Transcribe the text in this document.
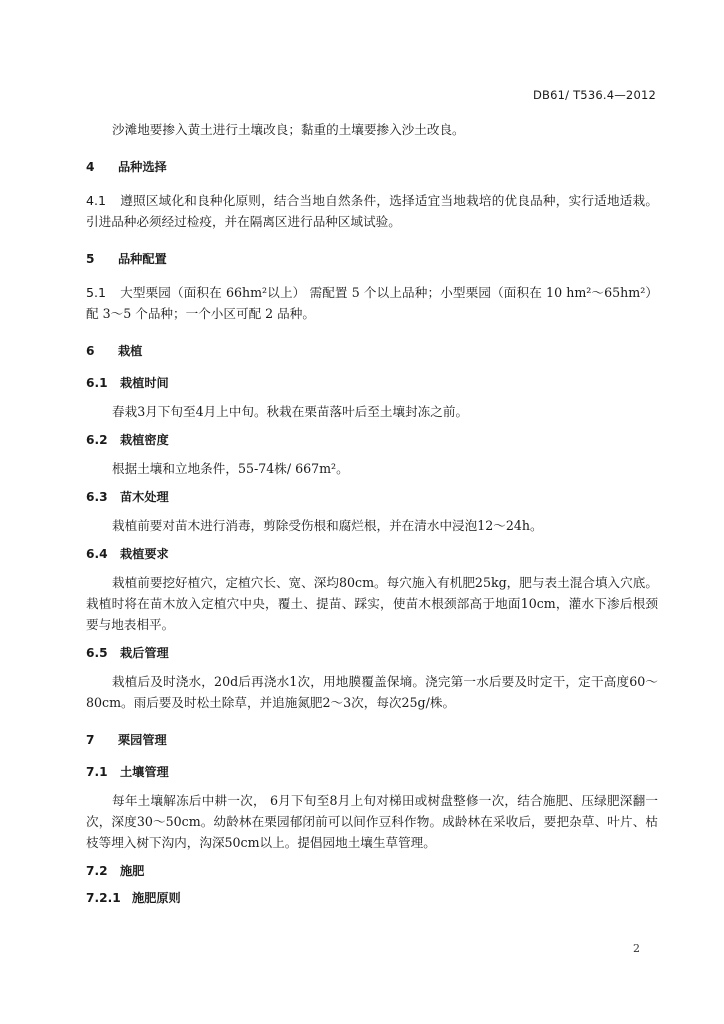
DB61/ T536.4—2012
沙滩地要掺入黄土进行土壤改良；黏重的土壤要掺入沙土改良。
4 品种选择
4.1 遵照区域化和良种化原则，结合当地自然条件，选择适宜当地栽培的优良品种，实行适地适栽。引进品种必须经过检疫，并在隔离区进行品种区域试验。
5 品种配置
5.1 大型栗园（面积在 66hm²以上） 需配置 5 个以上品种；小型栗园（面积在 10 hm²～65hm²）配 3～5 个品种；一个小区可配 2 品种。
6 栽植
6.1 栽植时间
春栽3月下旬至4月上中旬。秋栽在栗苗落叶后至土壤封冻之前。
6.2 栽植密度
根据土壤和立地条件，55-74株/ 667m²。
6.3 苗木处理
栽植前要对苗木进行消毒，剪除受伤根和腐烂根，并在清水中浸泡12～24h。
6.4 栽植要求
栽植前要挖好植穴，定植穴长、宽、深均80cm。每穴施入有机肥25kg，肥与表土混合填入穴底。栽植时将在苗木放入定植穴中央，覆土、提苗、踩实，使苗木根颈部高于地面10cm，灌水下渗后根颈要与地表相平。
6.5 栽后管理
栽植后及时浇水，20d后再浇水1次，用地膜覆盖保墒。浇完第一水后要及时定干，定干高度60～80cm。雨后要及时松土除草，并追施氮肥2～3次，每次25g/株。
7 栗园管理
7.1 土壤管理
每年土壤解冻后中耕一次， 6月下旬至8月上旬对梯田或树盘整修一次，结合施肥、压绿肥深翻一次，深度30～50cm。幼龄林在栗园郁闭前可以间作豆科作物。成龄林在采收后，要把杂草、叶片、枯枝等埋入树下沟内，沟深50cm以上。提倡园地土壤生草管理。
7.2 施肥
7.2.1 施肥原则
2
